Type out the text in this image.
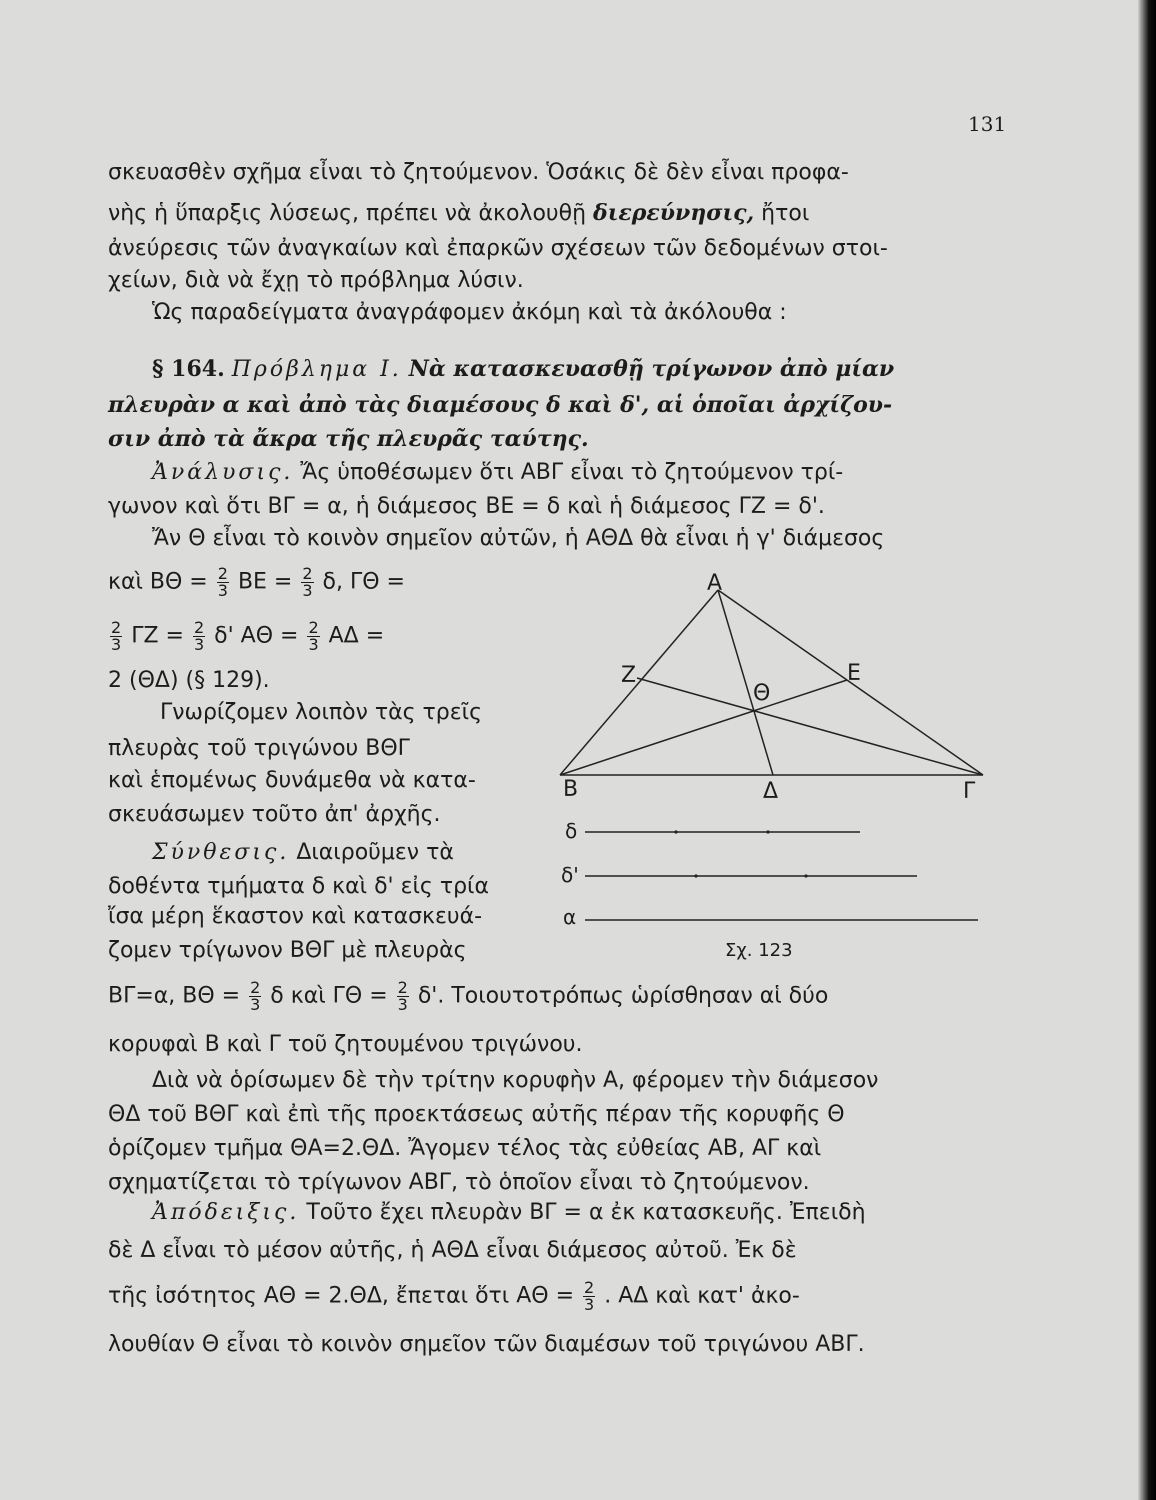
131
σκευασθὲν σχῆμα εἶναι τὸ ζητούμενον. Ὁσάκις δὲ δὲν εἶναι προφα-
νὴς ἡ ὕπαρξις λύσεως, πρέπει νὰ ἀκολουθῇ διερεύνησις, ἤτοι
ἀνεύρεσις τῶν ἀναγκαίων καὶ ἐπαρκῶν σχέσεων τῶν δεδομένων στοι-
χείων, διὰ νὰ ἔχῃ τὸ πρόβλημα λύσιν.
Ὡς παραδείγματα ἀναγράφομεν ἀκόμη καὶ τὰ ἀκόλουθα :
§ 164. Πρόβλημα I. Νὰ κατασκευασθῇ τρίγωνον ἀπὸ μίαν
πλευρὰν α καὶ ἀπὸ τὰς διαμέσους δ καὶ δ', αἱ ὁποῖαι ἀρχίζου-
σιν ἀπὸ τὰ ἄκρα τῆς πλευρᾶς ταύτης.
Ἀνάλυσις. Ἄς ὑποθέσωμεν ὅτι ΑΒΓ εἶναι τὸ ζητούμενον τρί-
γωνον καὶ ὅτι ΒΓ = α, ἡ διάμεσος ΒΕ = δ καὶ ἡ διάμεσος ΓΖ = δ'.
Ἄν Θ εἶναι τὸ κοινὸν σημεῖον αὐτῶν, ἡ ΑΘΔ θὰ εἶναι ἡ γ' διάμεσος
καὶ $B\Theta = \frac{2}{3}$ $BE = \frac{2}{3} \delta$, ΓΘ =
$\frac{2}{3}$ $\Gamma Z = \frac{2}{3} \delta'$ $A\Theta = \frac{2}{3}$ ΑΔ =
2 (ΘΔ) (§ 129).
Γνωρίζομεν λοιπὸν τὰς τρεῖς
πλευρὰς τοῦ τριγώνου ΒΘΓ
καὶ ἑπομένως δυνάμεθα νὰ κατα-
σκευάσωμεν τοῦτο ἀπ' ἀρχῆς.
Σύνθεσις. Διαιροῦμεν τὰ
δοθέντα τμήματα δ καὶ δ' εἰς τρία
ἴσα μέρη ἕκαστον καὶ κατασκευά-
ζομεν τρίγωνον ΒΘΓ μὲ πλευρὰς
ΒΓ=α, $B\Theta = \frac{2}{3}$ δ καὶ $\Gamma\Theta = \frac{2}{3} \delta'$. Τοιουτοτρόπως ὡρίσθησαν αἱ δύο
κορυφαὶ Β καὶ Γ τοῦ ζητουμένου τριγώνου.
Διὰ νὰ ὁρίσωμεν δὲ τὴν τρίτην κορυφὴν Α, φέρομεν τὴν διάμεσον
ΘΔ τοῦ ΒΘΓ καὶ ἐπὶ τῆς προεκτάσεως αὐτῆς πέραν τῆς κορυφῆς Θ
ὁρίζομεν τμῆμα ΘΑ=2.ΘΔ. Ἄγομεν τέλος τὰς εὐθείας ΑΒ, ΑΓ καὶ
σχηματίζεται τὸ τρίγωνον ΑΒΓ, τὸ ὁποῖον εἶναι τὸ ζητούμενον.
Ἀπόδειξις. Τοῦτο ἔχει πλευρὰν ΒΓ = α ἐκ κατασκευῆς. Ἐπειδὴ
δὲ Δ εἶναι τὸ μέσον αὐτῆς, ἡ ΑΘΔ εἶναι διάμεσος αὐτοῦ. Ἐκ δὲ
τῆς ἰσότητος ΑΘ = 2.ΘΔ, ἔπεται ὅτι $A\Theta = \frac{2}{3}$ . ΑΔ καὶ κατ' ἀκο-
λουθίαν Θ εἶναι τὸ κοινὸν σημεῖον τῶν διαμέσων τοῦ τριγώνου ΑΒΓ.
Α
Β	Γ
Ζ	Ε
Θ
Δ
δ
δ'
α
Σχ. 123
